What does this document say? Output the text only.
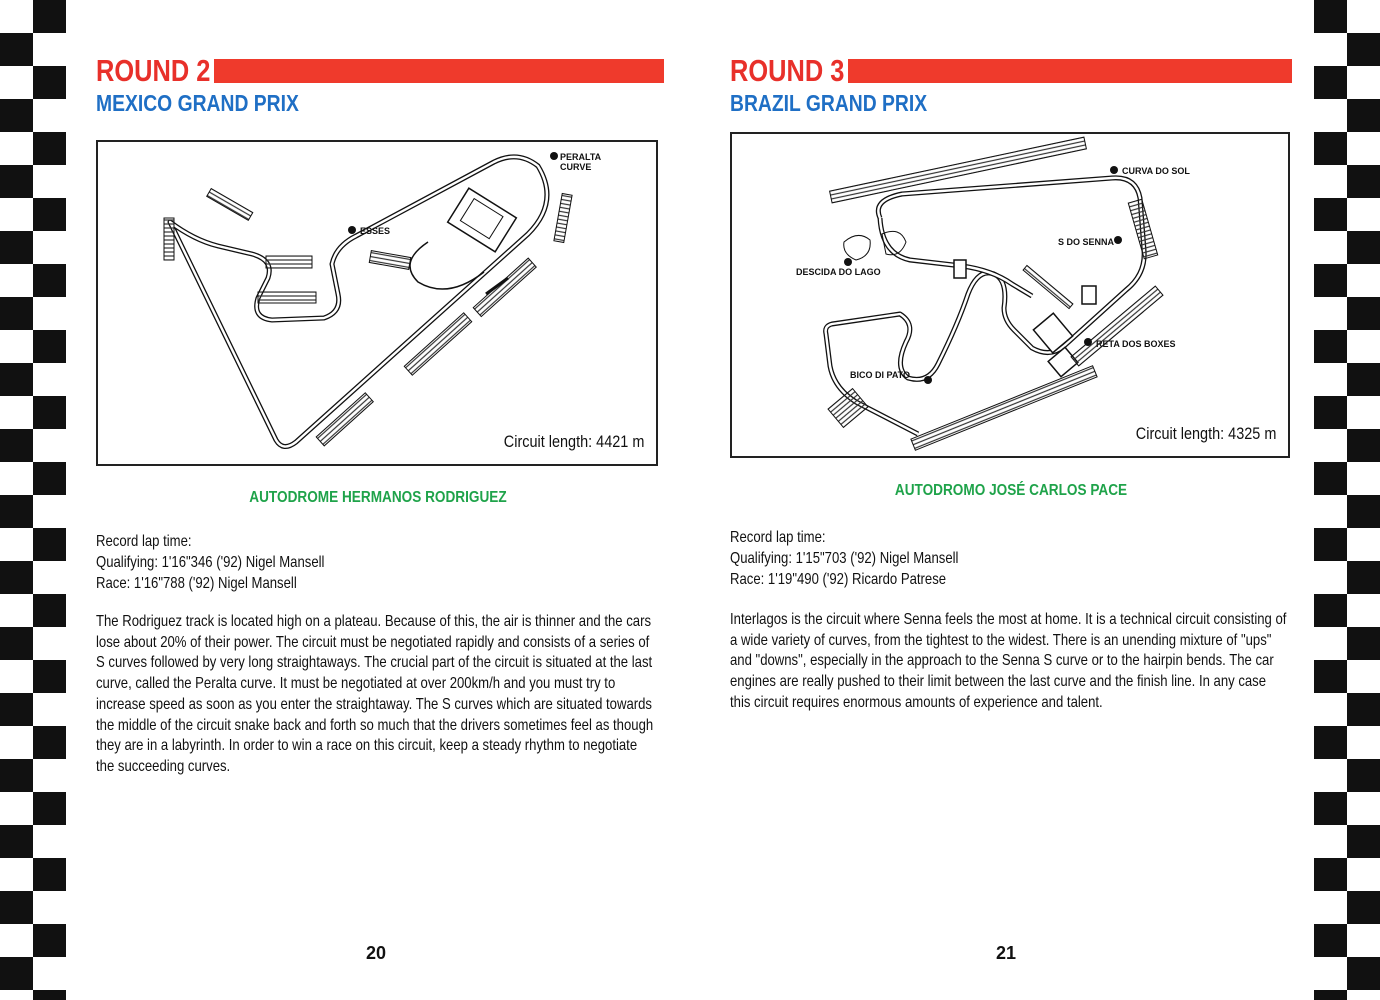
ROUND 2
MEXICO GRAND PRIX
ESSES
PERALTA
CURVE
Circuit length: 4421 m
AUTODROME HERMANOS RODRIGUEZ
Record lap time:
Qualifying: 1'16"346 ('92) Nigel Mansell
Race: 1'16"788 ('92) Nigel Mansell
The Rodriguez track is located high on a plateau. Because of this, the air is thinner and the cars lose about 20% of their power. The circuit must be negotiated rapidly and consists of a series of S curves followed by very long straightaways. The crucial part of the circuit is situated at the last curve, called the Peralta curve. It must be negotiated at over 200km/h and you must try to increase speed as soon as you enter the straightaway. The S curves which are situated towards the middle of the circuit snake back and forth so much that the drivers sometimes feel as though they are in a labyrinth. In order to win a race on this circuit, keep a steady rhythm to negotiate the succeeding curves.
20
ROUND 3
BRAZIL GRAND PRIX
CURVA DO SOL
S DO SENNA
DESCIDA DO LAGO
RETA DOS BOXES
BICO DI PATO
Circuit length: 4325 m
AUTODROMO JOSÉ CARLOS PACE
Record lap time:
Qualifying: 1'15"703 ('92) Nigel Mansell
Race: 1'19"490 ('92) Ricardo Patrese
Interlagos is the circuit where Senna feels the most at home. It is a technical circuit consisting of a wide variety of curves, from the tightest to the widest. There is an unending mixture of "ups" and "downs", especially in the approach to the Senna S curve or to the hairpin bends. The car engines are really pushed to their limit between the last curve and the finish line. In any case this circuit requires enormous amounts of experience and talent.
21
